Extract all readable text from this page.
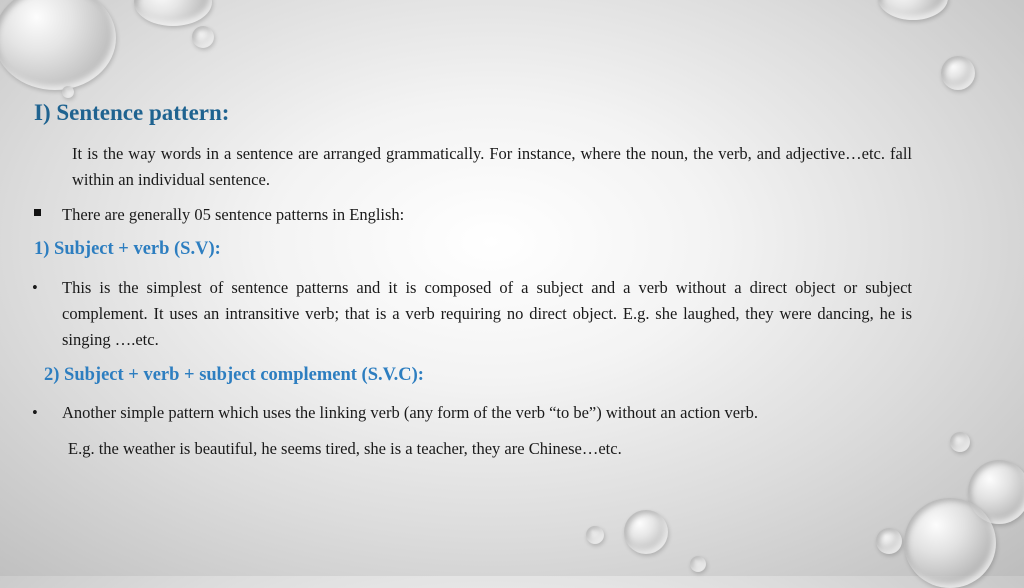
I) Sentence pattern:

It is the way words in a sentence are arranged grammatically. For instance, where the noun, the verb, and adjective…etc. fall within an individual sentence.

There are generally 05 sentence patterns in English:

1) Subject + verb (S.V):
• This is the simplest of sentence patterns and it is composed of a subject and a verb without a direct object or subject complement. It uses an intransitive verb; that is a verb requiring no direct object. E.g. she laughed, they were dancing, he is singing ….etc.

2) Subject + verb + subject complement (S.V.C):
• Another simple pattern which uses the linking verb (any form of the verb “to be”) without an action verb.

E.g. the weather is beautiful, he seems tired, she is a teacher, they are Chinese…etc.
